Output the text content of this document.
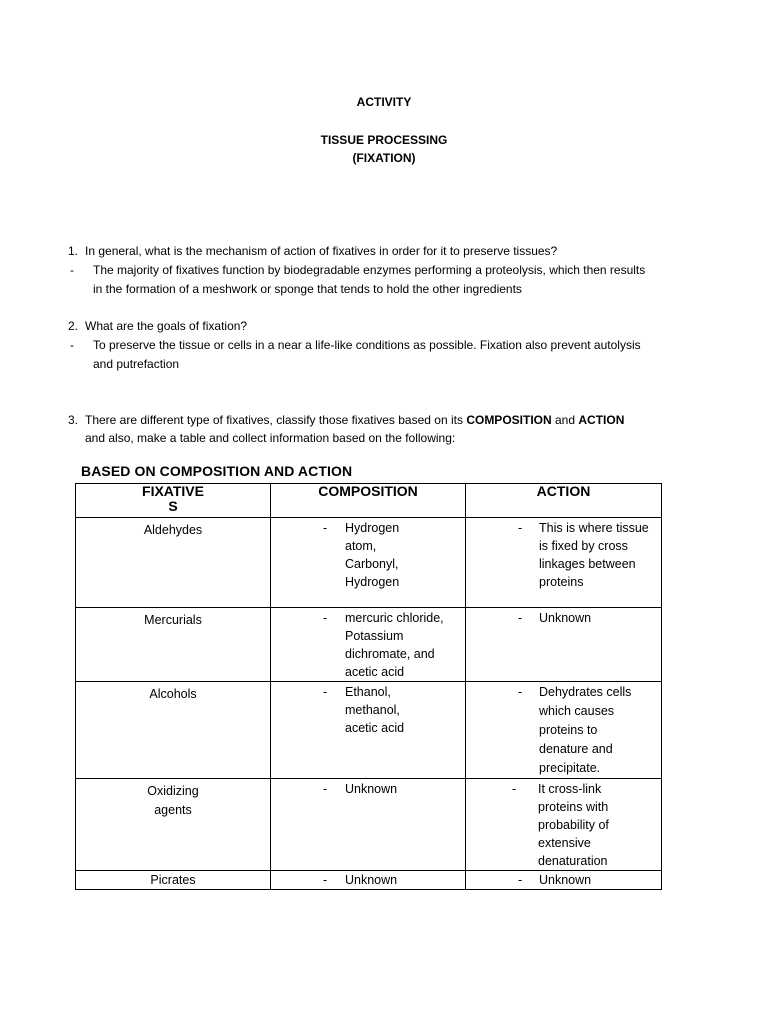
ACTIVITY
TISSUE PROCESSING
(FIXATION)
1. In general, what is the mechanism of action of fixatives in order for it to preserve tissues?
- The majority of fixatives function by biodegradable enzymes performing a proteolysis, which then results in the formation of a meshwork or sponge that tends to hold the other ingredients
2. What are the goals of fixation?
- To preserve the tissue or cells in a near a life-like conditions as possible. Fixation also prevent autolysis and putrefaction
3. There are different type of fixatives, classify those fixatives based on its COMPOSITION and ACTION and also, make a table and collect information based on the following:
BASED ON COMPOSITION AND ACTION
FIXATIVE S	COMPOSITION	ACTION
Aldehydes	- Hydrogen atom, Carbonyl, Hydrogen	- This is where tissue is fixed by cross linkages between proteins

Mercurials	- mercuric chloride, Potassium dichromate, and acetic acid	- Unknown

Alcohols	- Ethanol, methanol, acetic acid	- Dehydrates cells which causes proteins to denature and precipitate.

Oxidizing agents	- Unknown	- It cross-link proteins with probability of extensive denaturation

Picrates	- Unknown	- Unknown
